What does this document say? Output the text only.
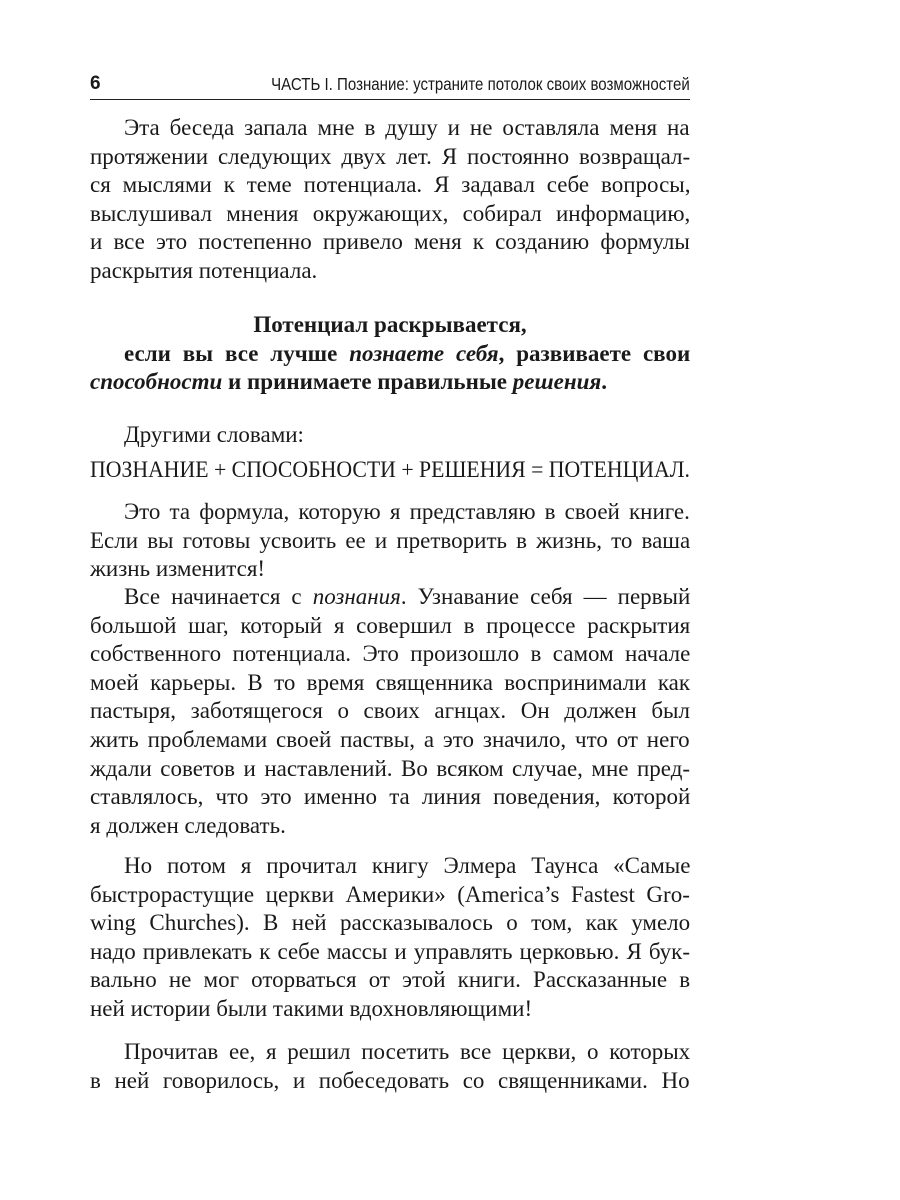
6	ЧАСТЬ I. Познание: устраните потолок своих возможностей
Эта беседа запала мне в душу и не оставляла меня на
протяжении следующих двух лет. Я постоянно возвращал-
ся мыслями к теме потенциала. Я задавал себе вопросы,
выслушивал мнения окружающих, собирал информацию,
и все это постепенно привело меня к созданию формулы
раскрытия потенциала.
Потенциал раскрывается,
если вы все лучше познаете себя, развиваете свои
способности и принимаете правильные решения.
Другими словами:
ПОЗНАНИЕ + СПОСОБНОСТИ + РЕШЕНИЯ = ПОТЕНЦИАЛ.
Это та формула, которую я представляю в своей книге.
Если вы готовы усвоить ее и претворить в жизнь, то ваша
жизнь изменится!
Все начинается с познания. Узнавание себя — первый
большой шаг, который я совершил в процессе раскрытия
собственного потенциала. Это произошло в самом начале
моей карьеры. В то время священника воспринимали как
пастыря, заботящегося о своих агнцах. Он должен был
жить проблемами своей паствы, а это значило, что от него
ждали советов и наставлений. Во всяком случае, мне пред-
ставлялось, что это именно та линия поведения, которой
я должен следовать.
Но потом я прочитал книгу Элмера Таунса «Самые
быстрорастущие церкви Америки» (America’s Fastest Gro-
wing Churches). В ней рассказывалось о том, как умело
надо привлекать к себе массы и управлять церковью. Я бук-
вально не мог оторваться от этой книги. Рассказанные в
ней истории были такими вдохновляющими!
Прочитав ее, я решил посетить все церкви, о которых
в ней говорилось, и побеседовать со священниками. Но
